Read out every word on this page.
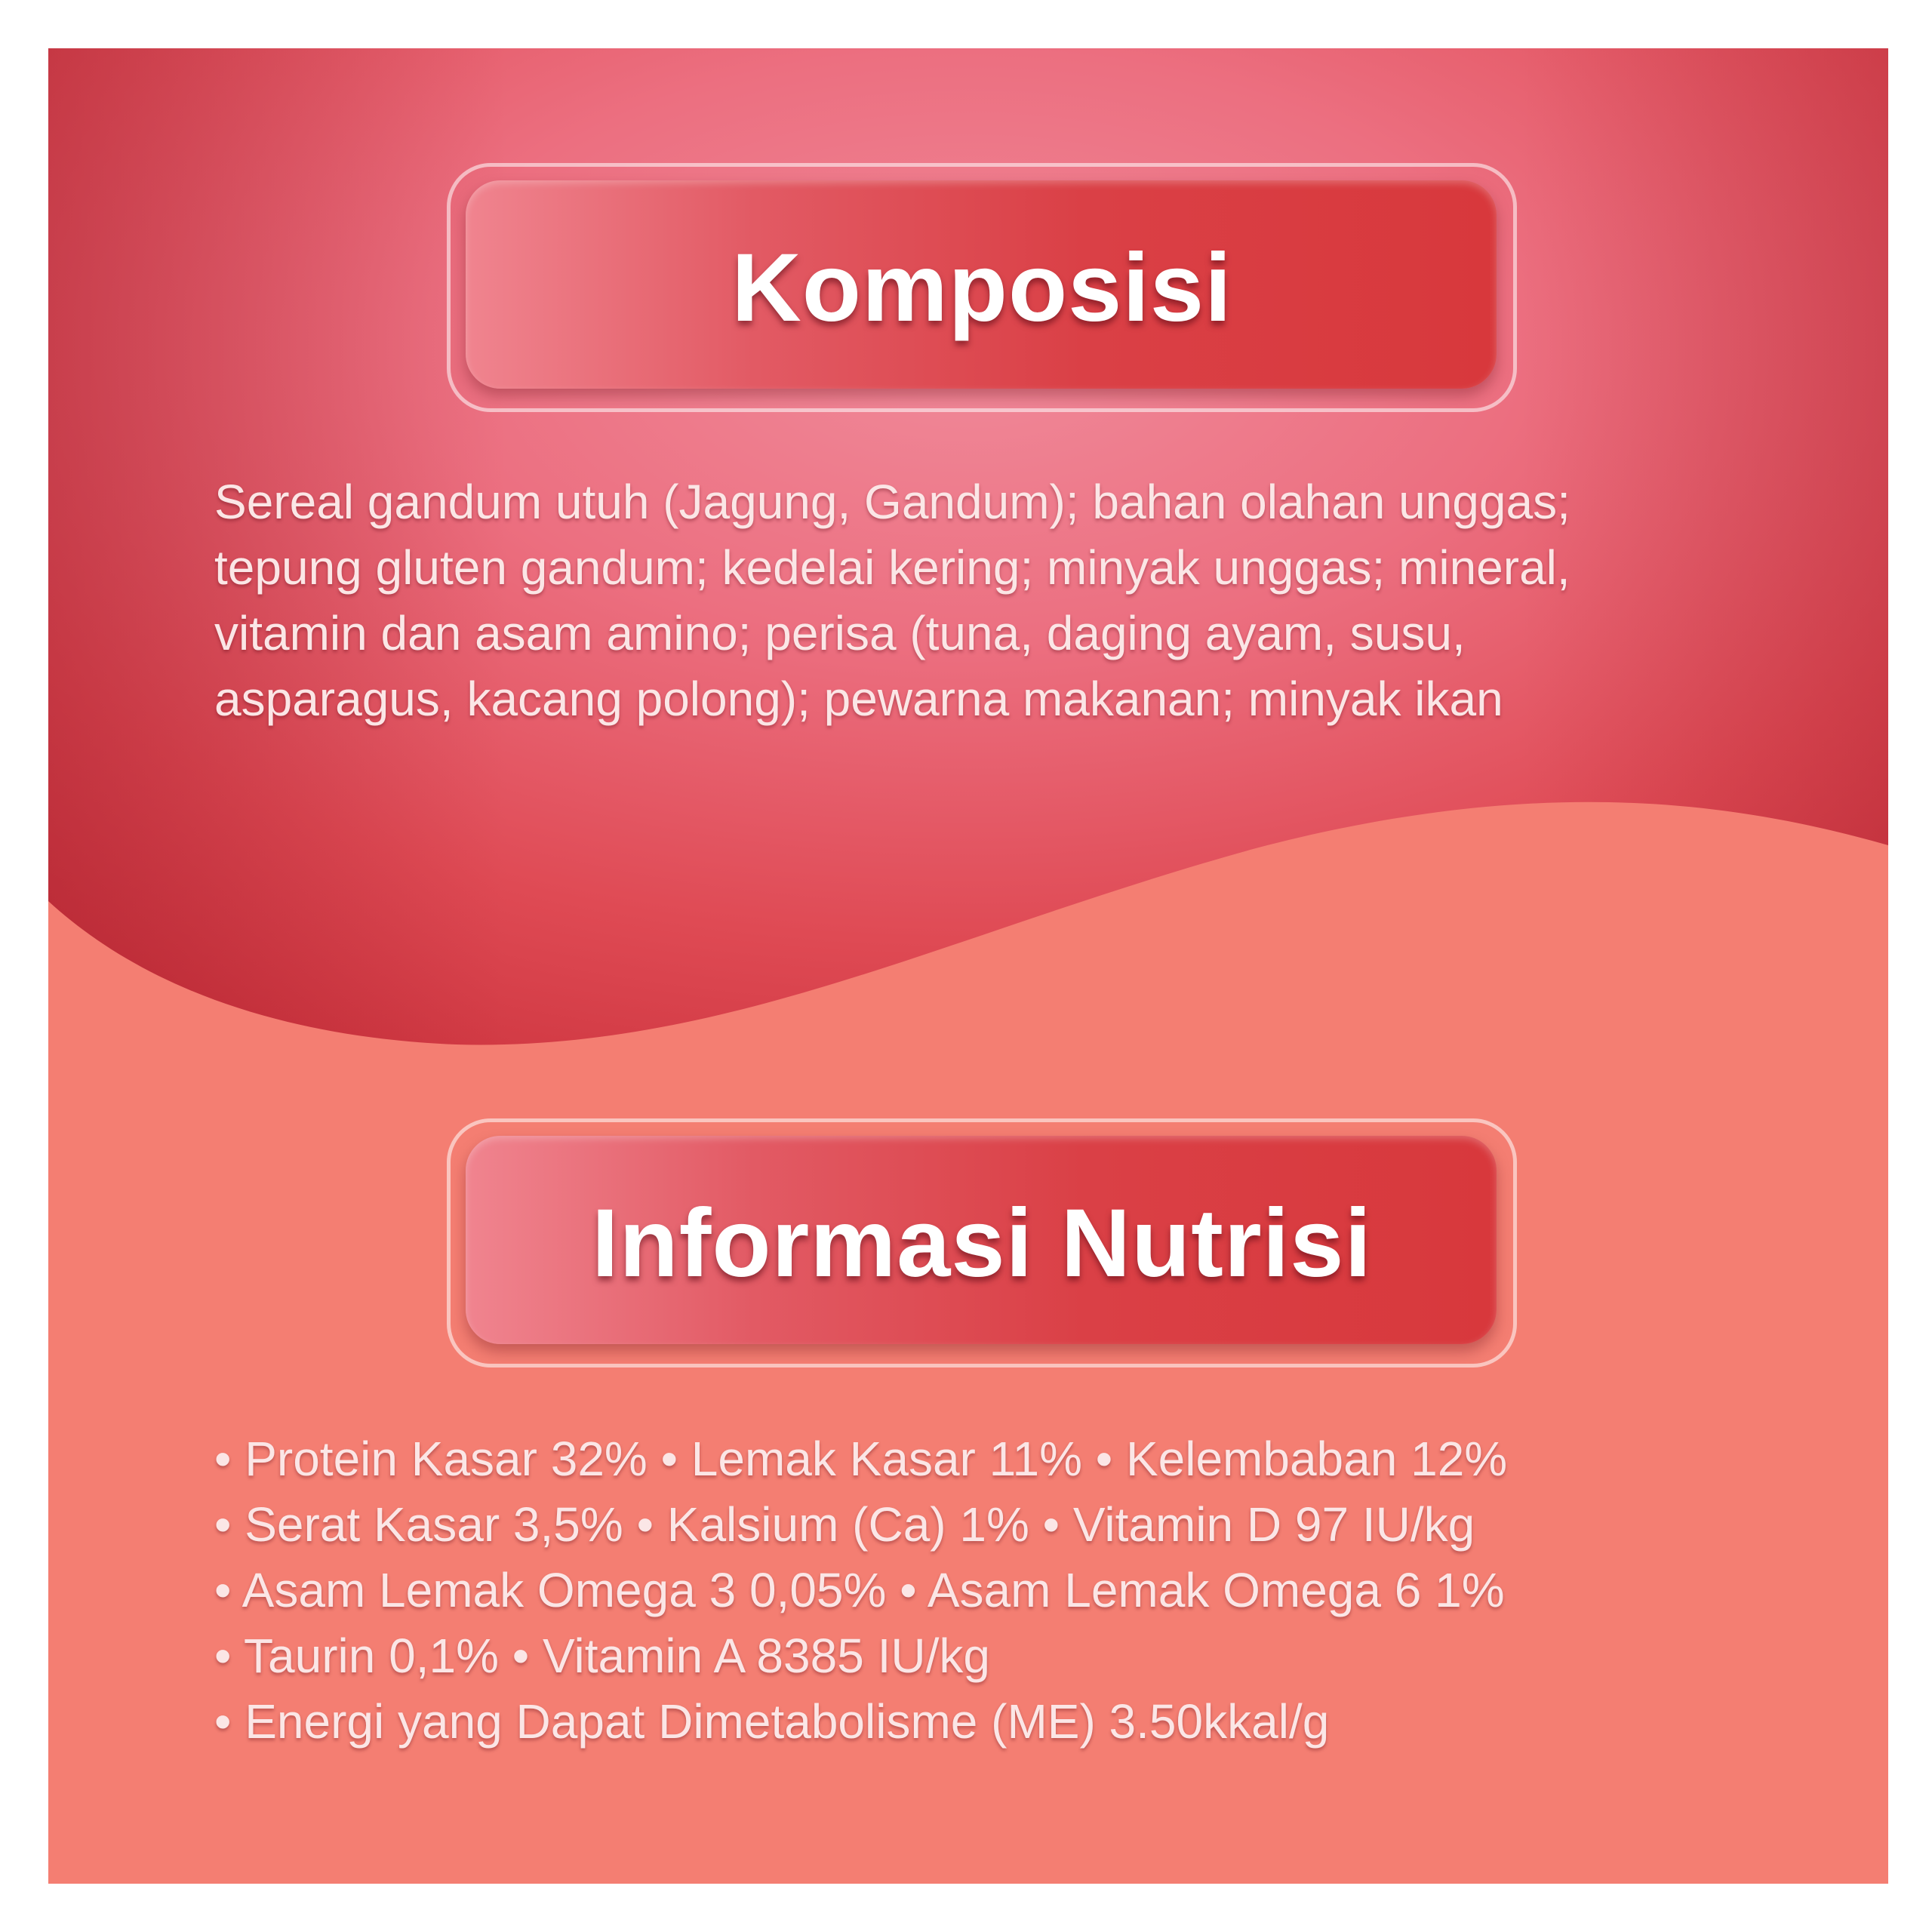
Komposisi
Sereal gandum utuh (Jagung, Gandum); bahan olahan unggas;
tepung gluten gandum; kedelai kering; minyak unggas; mineral,
vitamin dan asam amino; perisa (tuna, daging ayam, susu,
asparagus, kacang polong); pewarna makanan; minyak ikan
Informasi Nutrisi
• Protein Kasar 32% • Lemak Kasar 11% • Kelembaban 12%
• Serat Kasar 3,5% • Kalsium (Ca) 1% • Vitamin D 97 IU/kg
• Asam Lemak Omega 3 0,05% • Asam Lemak Omega 6 1%
• Taurin 0,1% • Vitamin A 8385 IU/kg
• Energi yang Dapat Dimetabolisme (ME) 3.50kkal/g
